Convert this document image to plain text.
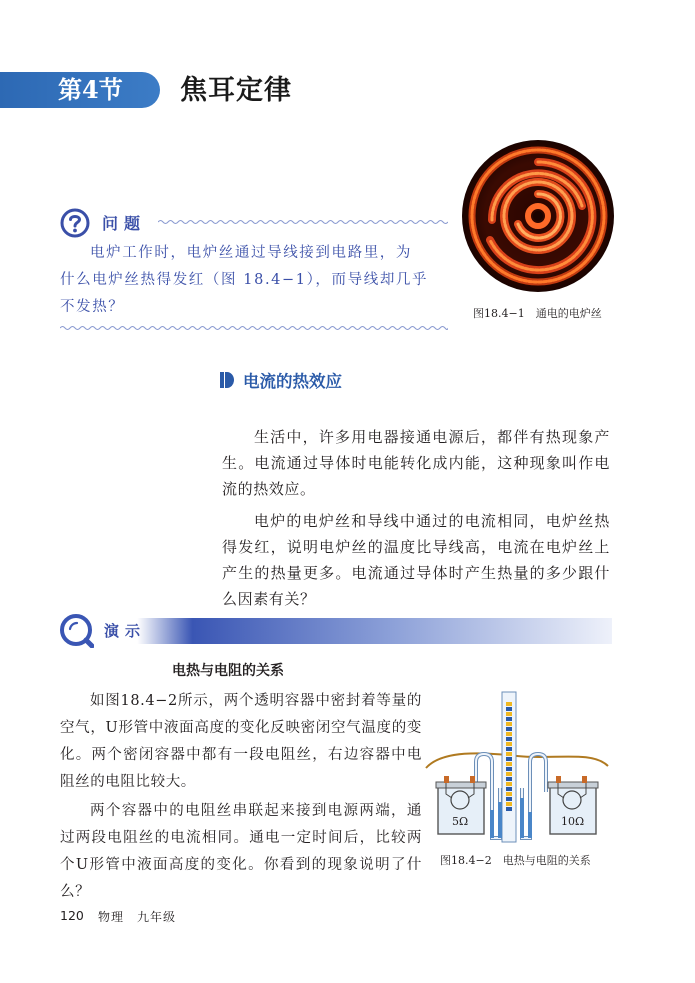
第4节 焦耳定律
问题
电炉工作时，电炉丝通过导线接到电路里，为
什么电炉丝热得发红（图 18.4−1），而导线却几乎
不发热？	图18.4−1　通电的电炉丝
电流的热效应

生活中，许多用电器接通电源后，都伴有热现象产生。电流通过导体时电能转化成内能，这种现象叫作电流的热效应。

电炉的电炉丝和导线中通过的电流相同，电炉丝热得发红，说明电炉丝的温度比导线高，电流在电炉丝上产生的热量更多。电流通过导体时产生热量的多少跟什么因素有关？

演示
电热与电阻的关系

如图18.4−2所示，两个透明容器中密封着等量的空气，U形管中液面高度的变化反映密闭空气温度的变化。两个密闭容器中都有一段电阻丝，右边容器中电阻丝的电阻比较大。

两个容器中的电阻丝串联起来接到电源两端，通过两段电阻丝的电流相同。通电一定时间后，比较两个U形管中液面高度的变化。你看到的现象说明了什么？

5Ω	10Ω
图18.4−2　电热与电阻的关系
120 物理　九年级
